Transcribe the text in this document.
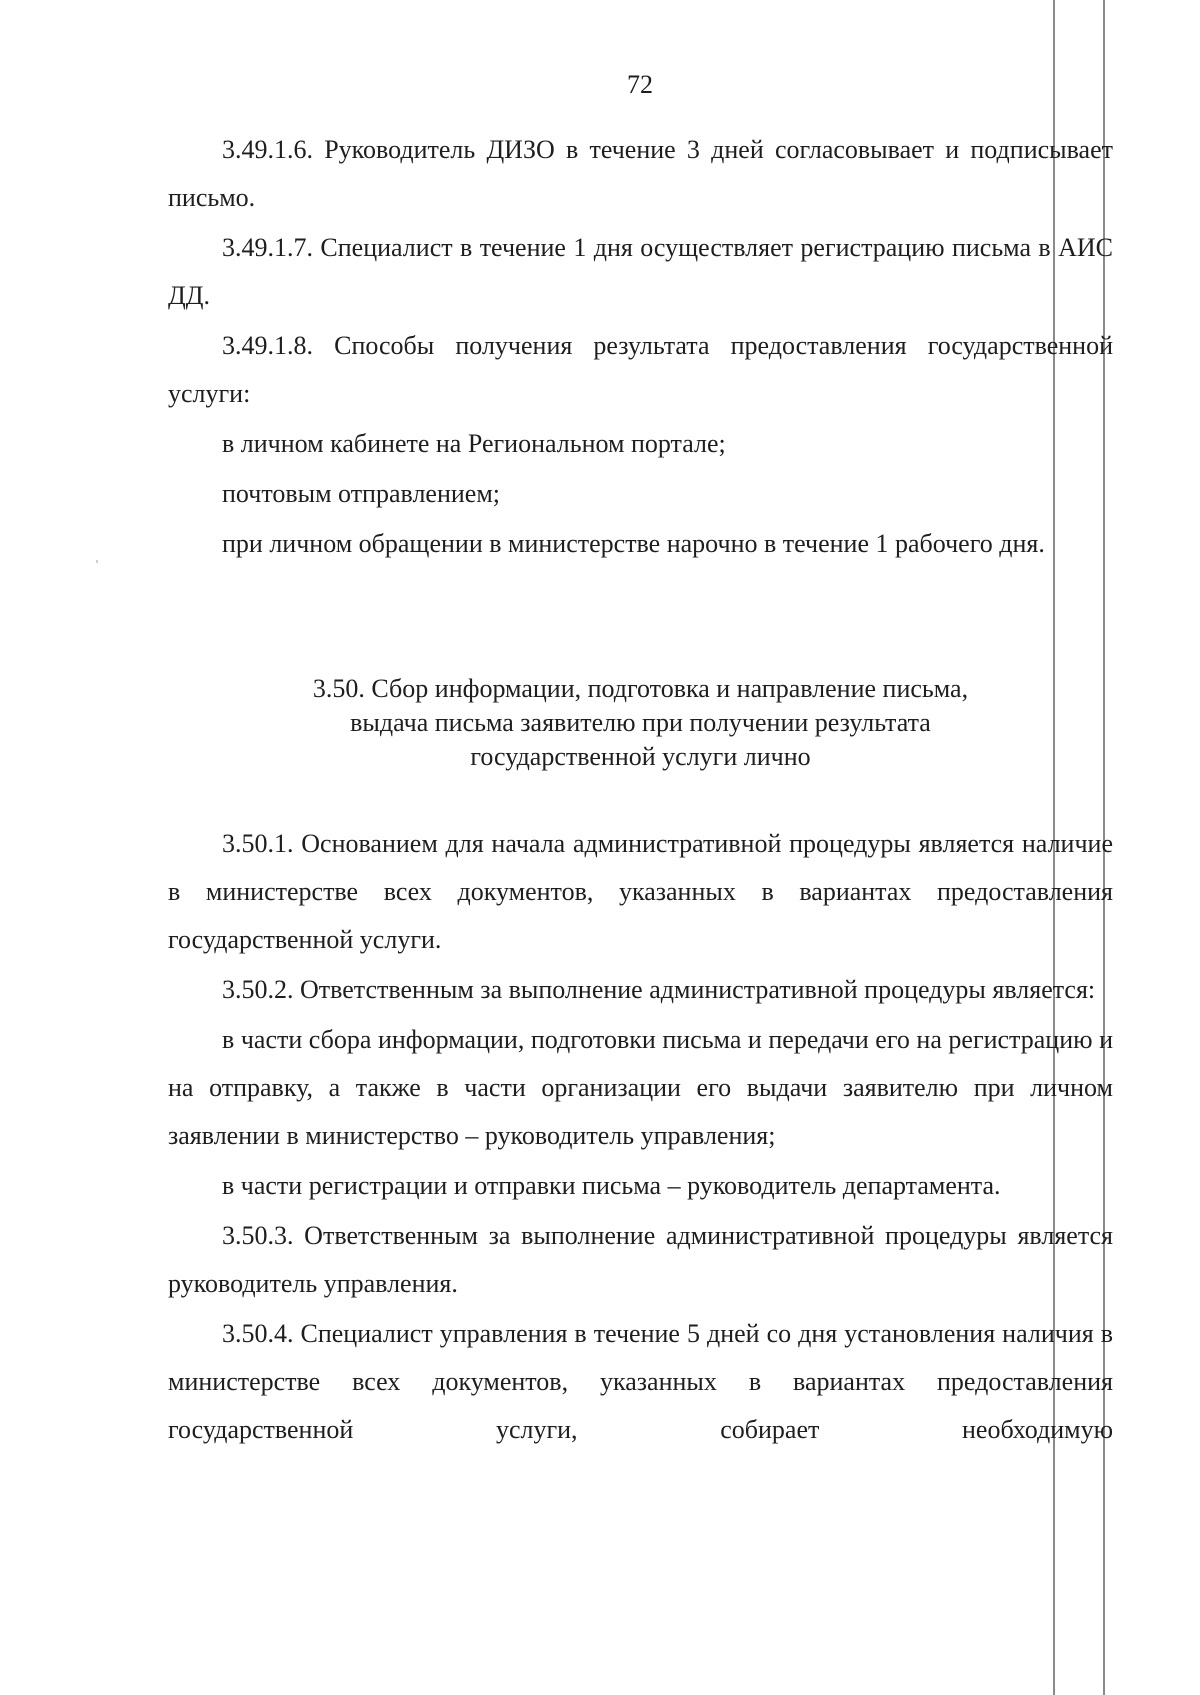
72

3.49.1.6. Руководитель ДИЗО в течение 3 дней согласовывает и подписывает письмо.

3.49.1.7. Специалист в течение 1 дня осуществляет регистрацию письма в АИС ДД.

3.49.1.8. Способы получения результата предоставления государственной услуги:

в личном кабинете на Региональном портале;

почтовым отправлением;

при личном обращении в министерстве нарочно в течение 1 рабочего дня.

3.50. Сбор информации, подготовка и направление письма,
выдача письма заявителю при получении результата
государственной услуги лично

3.50.1. Основанием для начала административной процедуры является наличие в министерстве всех документов, указанных в вариантах предоставления государственной услуги.

3.50.2. Ответственным за выполнение административной процедуры является:

в части сбора информации, подготовки письма и передачи его на регистрацию и на отправку, а также в части организации его выдачи заявителю при личном заявлении в министерство – руководитель управления;

в части регистрации и отправки письма – руководитель департамента.

3.50.3. Ответственным за выполнение административной процедуры является руководитель управления.

3.50.4. Специалист управления в течение 5 дней со дня установления наличия в министерстве всех документов, указанных в вариантах предоставления государственной услуги, собирает необходимую
